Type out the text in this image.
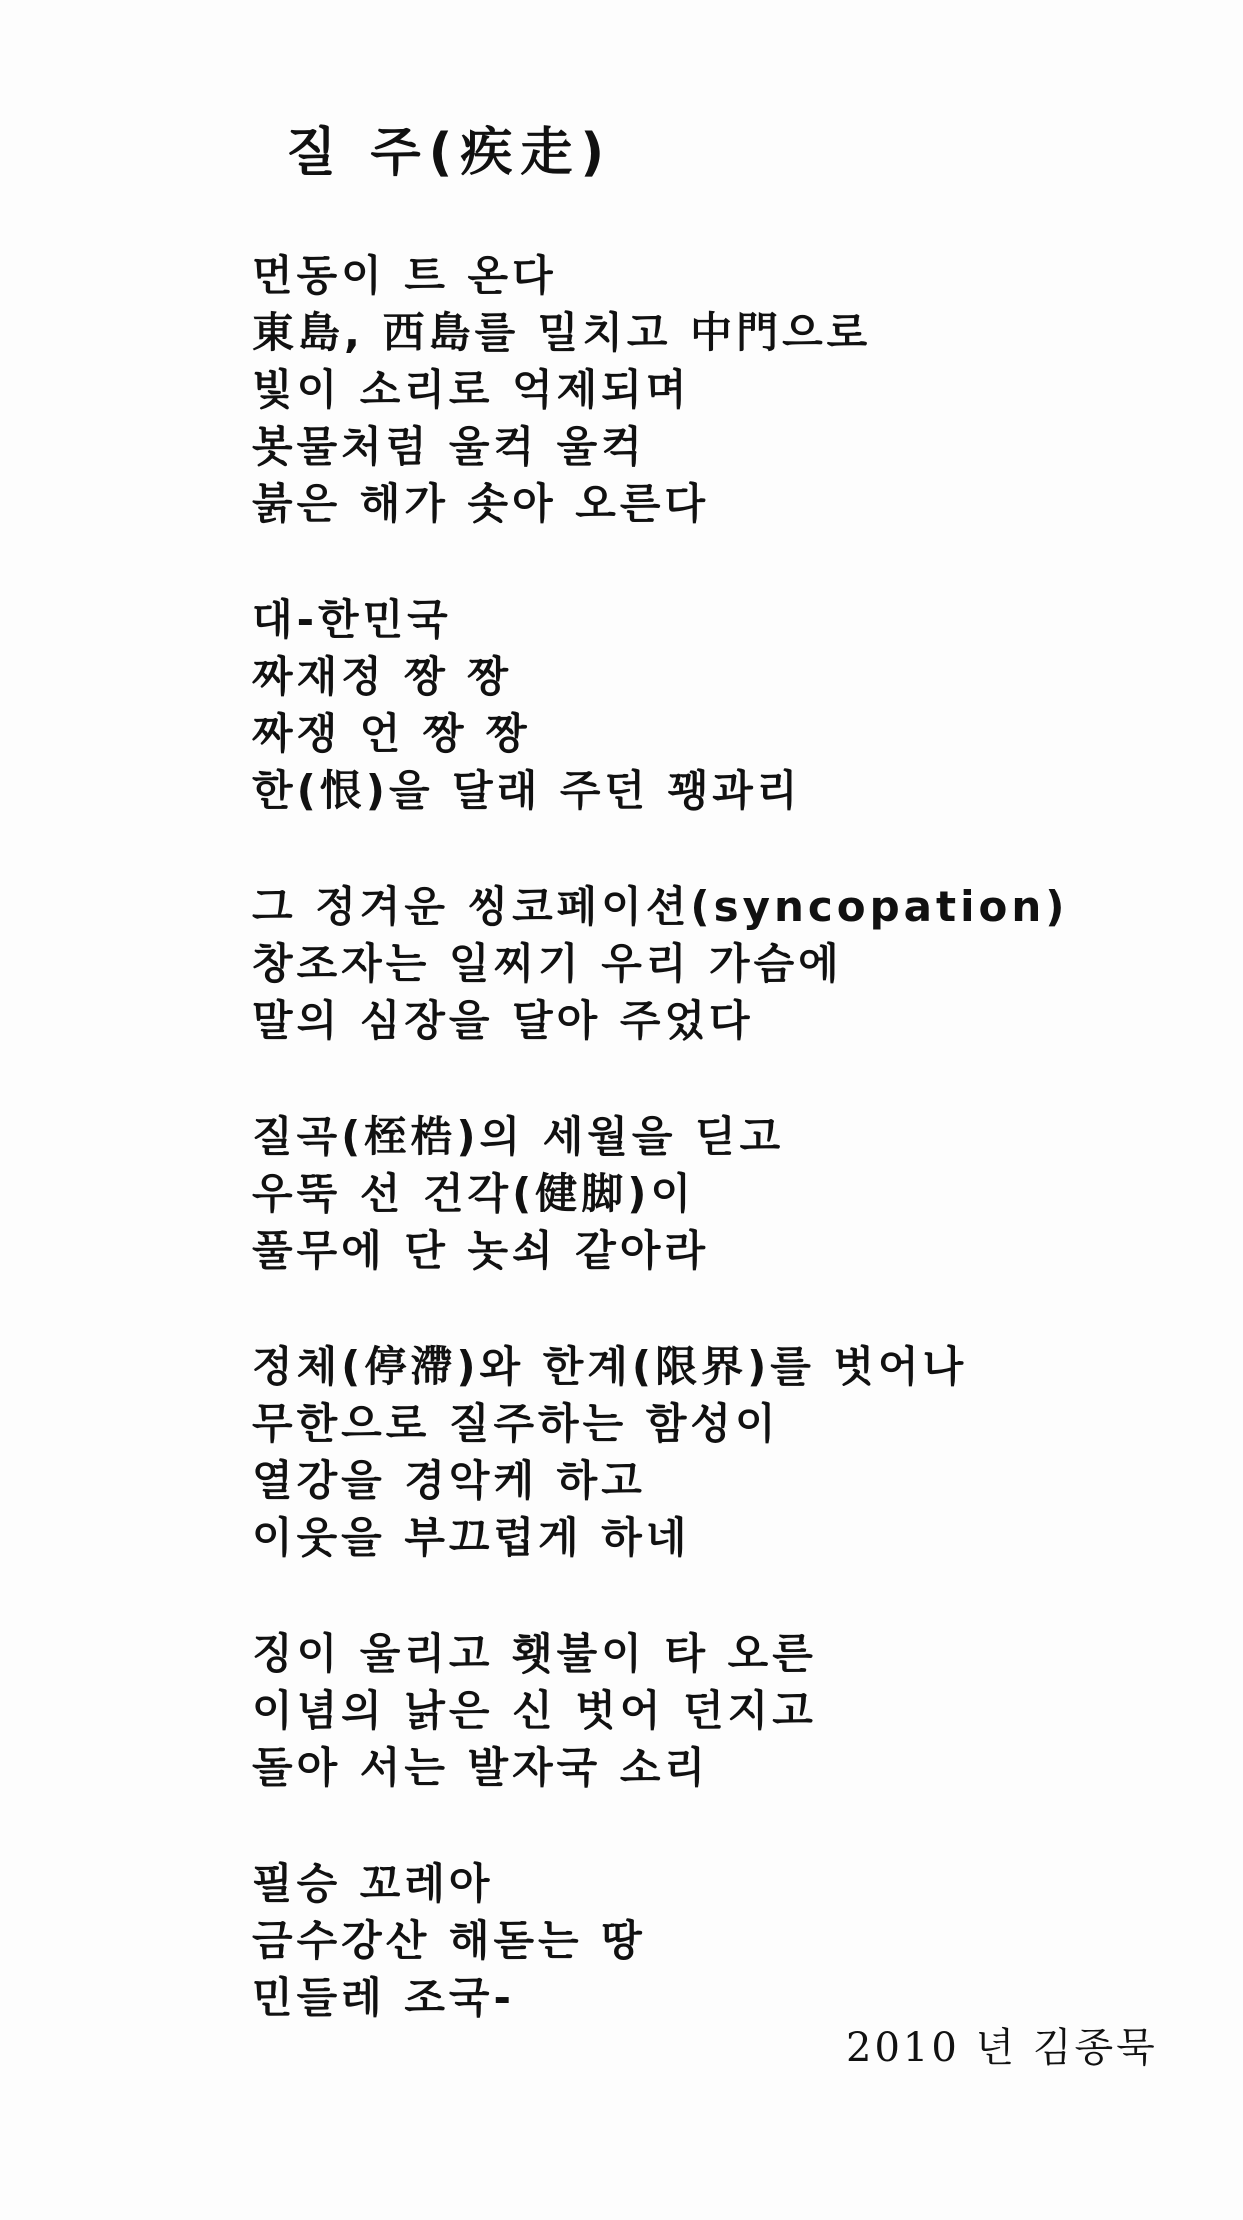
질 주(疾走)
먼동이 트 온다
東島, 西島를 밀치고 中門으로
빛이 소리로 억제되며
봇물처럼 울컥 울컥
붉은 해가 솟아 오른다
대-한민국
짜재정 짱 짱
짜쟁 언 짱 짱
한(恨)을 달래 주던 꽹과리
그 정겨운 씽코페이션(syncopation)
창조자는 일찌기 우리 가슴에
말의 심장을 달아 주었다
질곡(桎梏)의 세월을 딛고
우뚝 선 건각(健脚)이
풀무에 단 놋쇠 같아라
정체(停滯)와 한계(限界)를 벗어나
무한으로 질주하는 함성이
열강을 경악케 하고
이웃을 부끄럽게 하네
징이 울리고 횃불이 타 오른
이념의 낡은 신 벗어 던지고
돌아 서는 발자국 소리
필승 꼬레아
금수강산 해돋는 땅
민들레 조국-
2010 년 김종묵
